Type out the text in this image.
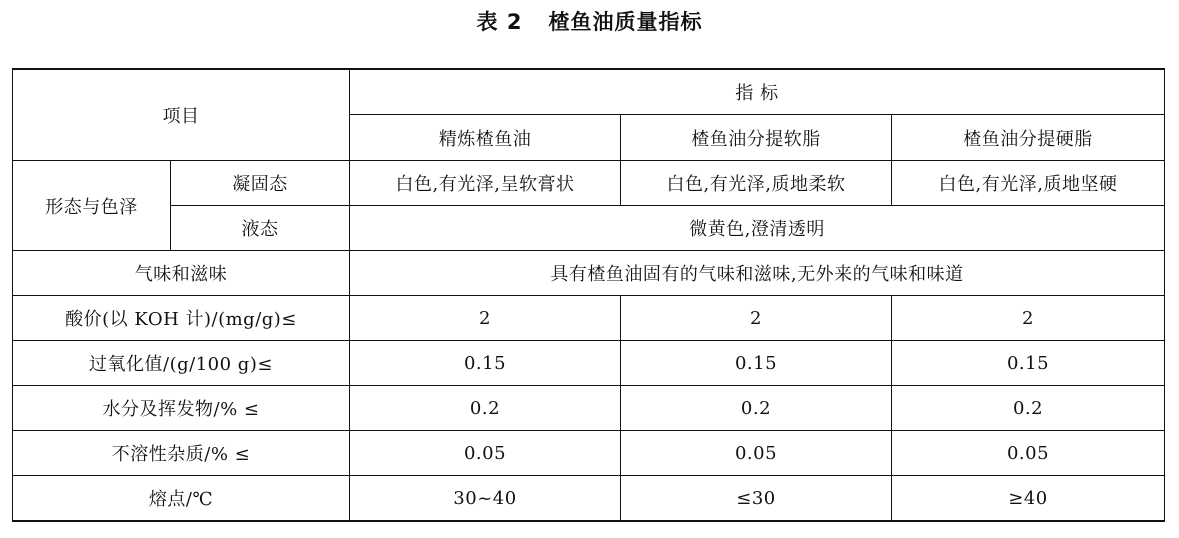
表 2 楂鱼油质量指标
项目		指 标		
		精炼楂鱼油	楂鱼油分提软脂	楂鱼油分提硬脂
形态与色泽	凝固态	白色,有光泽,呈软膏状	白色,有光泽,质地柔软	白色,有光泽,质地坚硬
	液态	微黄色,澄清透明		
气味和滋味		具有楂鱼油固有的气味和滋味,无外来的气味和味道		
酸价(以 KOH 计)/(mg/g)≤		2	2	2
过氧化值/(g/100 g)≤		0.15	0.15	0.15
水分及挥发物/% ≤		0.2	0.2	0.2
不溶性杂质/% ≤		0.05	0.05	0.05
熔点/℃		30~40	≤30	≥40
